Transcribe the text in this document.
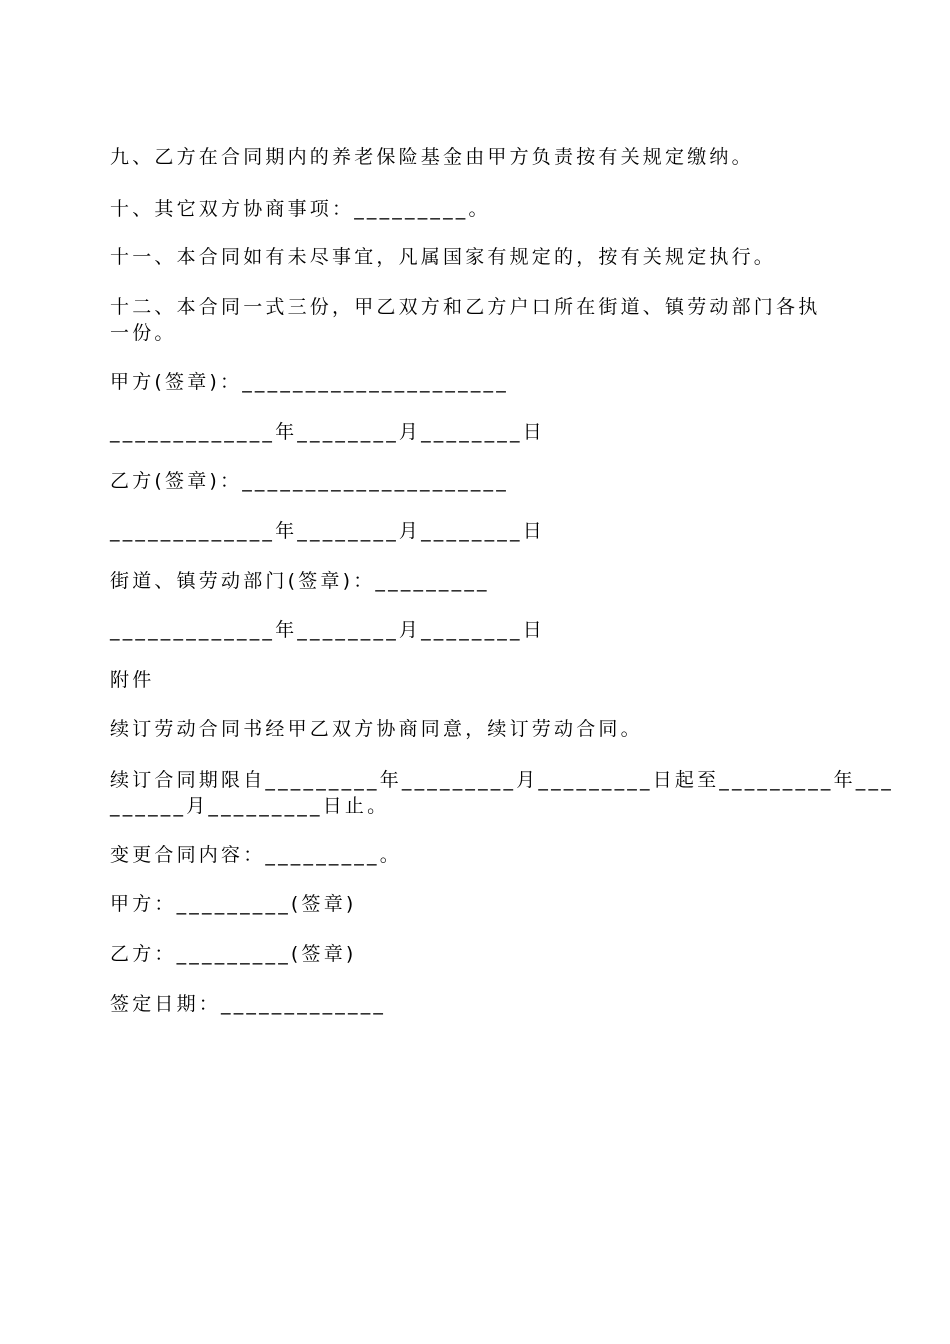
九、乙方在合同期内的养老保险基金由甲方负责按有关规定缴纳。

十、其它双方协商事项：_________。

十一、本合同如有未尽事宜，凡属国家有规定的，按有关规定执行。

十二、本合同一式三份，甲乙双方和乙方户口所在街道、镇劳动部门各执

一份。

甲方(签章)：_____________________

_____________年________月________日

乙方(签章)：_____________________

_____________年________月________日

街道、镇劳动部门(签章)：_________

_____________年________月________日

附件

续订劳动合同书经甲乙双方协商同意，续订劳动合同。

续订合同期限自_________年_________月_________日起至_________年___

______月_________日止。

变更合同内容：_________。

甲方：_________(签章)

乙方：_________(签章)

签定日期：_____________
